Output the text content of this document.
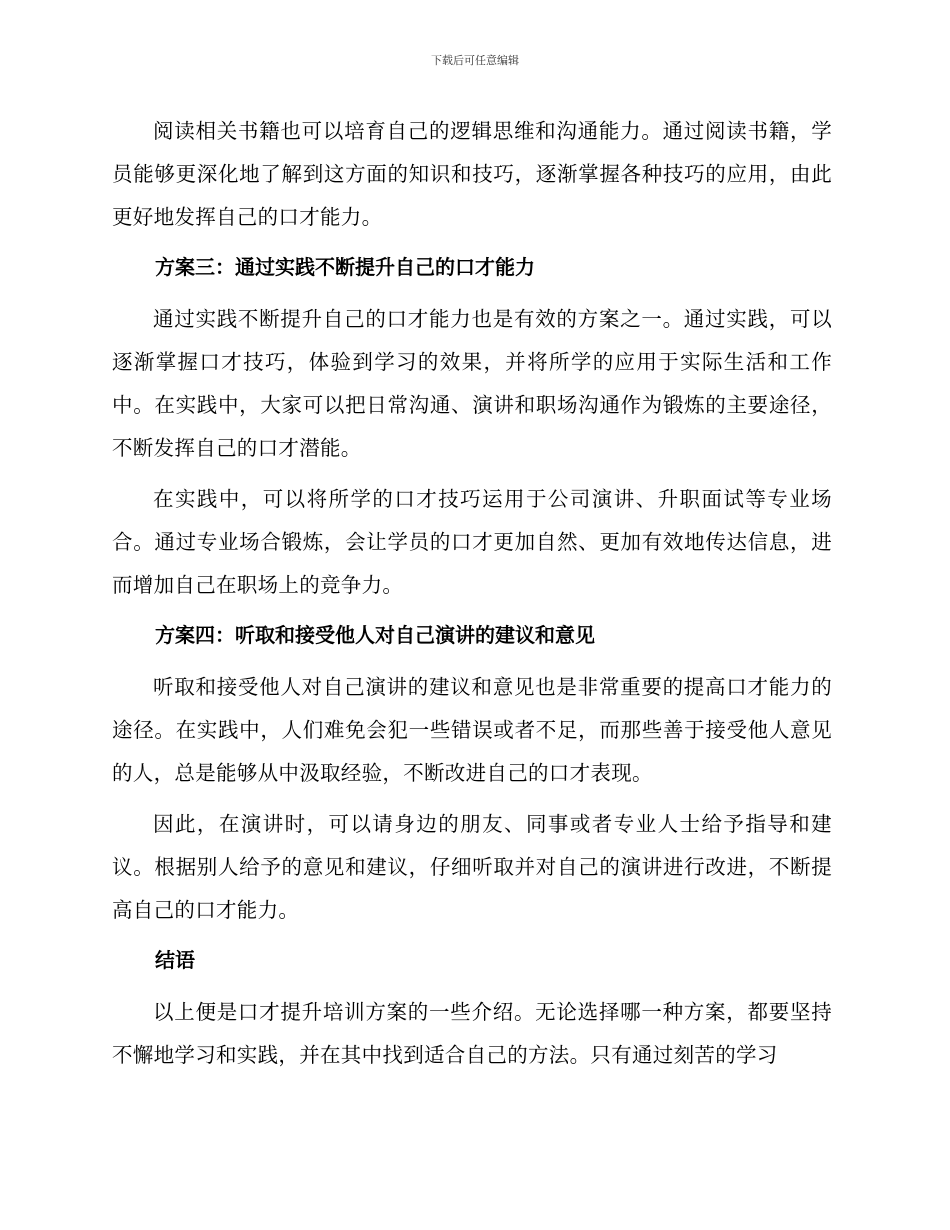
下载后可任意编辑

阅读相关书籍也可以培育自己的逻辑思维和沟通能力。通过阅读书籍，学员能够更深化地了解到这方面的知识和技巧，逐渐掌握各种技巧的应用，由此更好地发挥自己的口才能力。

方案三：通过实践不断提升自己的口才能力

通过实践不断提升自己的口才能力也是有效的方案之一。通过实践，可以逐渐掌握口才技巧，体验到学习的效果，并将所学的应用于实际生活和工作中。在实践中，大家可以把日常沟通、演讲和职场沟通作为锻炼的主要途径，不断发挥自己的口才潜能。

在实践中，可以将所学的口才技巧运用于公司演讲、升职面试等专业场合。通过专业场合锻炼，会让学员的口才更加自然、更加有效地传达信息，进而增加自己在职场上的竞争力。

方案四：听取和接受他人对自己演讲的建议和意见

听取和接受他人对自己演讲的建议和意见也是非常重要的提高口才能力的途径。在实践中，人们难免会犯一些错误或者不足，而那些善于接受他人意见的人，总是能够从中汲取经验，不断改进自己的口才表现。

因此，在演讲时，可以请身边的朋友、同事或者专业人士给予指导和建议。根据别人给予的意见和建议，仔细听取并对自己的演讲进行改进，不断提高自己的口才能力。

结语

以上便是口才提升培训方案的一些介绍。无论选择哪一种方案，都要坚持不懈地学习和实践，并在其中找到适合自己的方法。只有通过刻苦的学习
